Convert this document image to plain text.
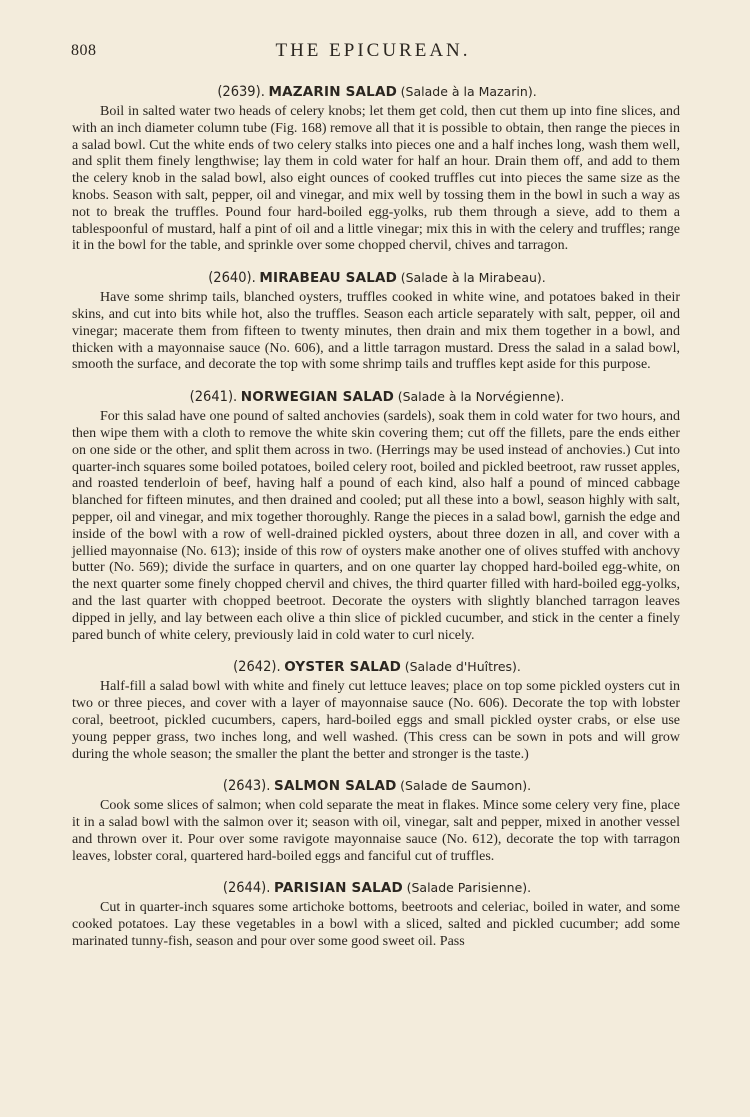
808	THE EPICUREAN.

(2639). MAZARIN SALAD (Salade à la Mazarin).

Boil in salted water two heads of celery knobs; let them get cold, then cut them up into fine slices, and with an inch diameter column tube (Fig. 168) remove all that it is possible to obtain, then range the pieces in a salad bowl. Cut the white ends of two celery stalks into pieces one and a half inches long, wash them well, and split them finely lengthwise; lay them in cold water for half an hour. Drain them off, and add to them the celery knob in the salad bowl, also eight ounces of cooked truffles cut into pieces the same size as the knobs. Season with salt, pepper, oil and vinegar, and mix well by tossing them in the bowl in such a way as not to break the truffles. Pound four hard-boiled egg-yolks, rub them through a sieve, add to them a tablespoonful of mustard, half a pint of oil and a little vinegar; mix this in with the celery and truffles; range it in the bowl for the table, and sprinkle over some chopped chervil, chives and tarragon.

(2640). MIRABEAU SALAD (Salade à la Mirabeau).

Have some shrimp tails, blanched oysters, truffles cooked in white wine, and potatoes baked in their skins, and cut into bits while hot, also the truffles. Season each article separately with salt, pepper, oil and vinegar; macerate them from fifteen to twenty minutes, then drain and mix them together in a bowl, and thicken with a mayonnaise sauce (No. 606), and a little tarragon mustard. Dress the salad in a salad bowl, smooth the surface, and decorate the top with some shrimp tails and truffles kept aside for this purpose.

(2641). NORWEGIAN SALAD (Salade à la Norvégienne).

For this salad have one pound of salted anchovies (sardels), soak them in cold water for two hours, and then wipe them with a cloth to remove the white skin covering them; cut off the fillets, pare the ends either on one side or the other, and split them across in two. (Herrings may be used instead of anchovies.) Cut into quarter-inch squares some boiled potatoes, boiled celery root, boiled and pickled beetroot, raw russet apples, and roasted tenderloin of beef, having half a pound of each kind, also half a pound of minced cabbage blanched for fifteen minutes, and then drained and cooled; put all these into a bowl, season highly with salt, pepper, oil and vinegar, and mix together thoroughly. Range the pieces in a salad bowl, garnish the edge and inside of the bowl with a row of well-drained pickled oysters, about three dozen in all, and cover with a jellied mayonnaise (No. 613); inside of this row of oysters make another one of olives stuffed with anchovy butter (No. 569); divide the surface in quarters, and on one quarter lay chopped hard-boiled egg-white, on the next quarter some finely chopped chervil and chives, the third quarter filled with hard-boiled egg-yolks, and the last quarter with chopped beetroot. Decorate the oysters with slightly blanched tarragon leaves dipped in jelly, and lay between each olive a thin slice of pickled cucumber, and stick in the center a finely pared bunch of white celery, previously laid in cold water to curl nicely.

(2642). OYSTER SALAD (Salade d'Huîtres).

Half-fill a salad bowl with white and finely cut lettuce leaves; place on top some pickled oysters cut in two or three pieces, and cover with a layer of mayonnaise sauce (No. 606). Decorate the top with lobster coral, beetroot, pickled cucumbers, capers, hard-boiled eggs and small pickled oyster crabs, or else use young pepper grass, two inches long, and well washed. (This cress can be sown in pots and will grow during the whole season; the smaller the plant the better and stronger is the taste.)

(2643). SALMON SALAD (Salade de Saumon).

Cook some slices of salmon; when cold separate the meat in flakes. Mince some celery very fine, place it in a salad bowl with the salmon over it; season with oil, vinegar, salt and pepper, mixed in another vessel and thrown over it. Pour over some ravigote mayonnaise sauce (No. 612), decorate the top with tarragon leaves, lobster coral, quartered hard-boiled eggs and fanciful cut of truffles.

(2644). PARISIAN SALAD (Salade Parisienne).

Cut in quarter-inch squares some artichoke bottoms, beetroots and celeriac, boiled in water, and some cooked potatoes. Lay these vegetables in a bowl with a sliced, salted and pickled cucumber; add some marinated tunny-fish, season and pour over some good sweet oil. Pass
